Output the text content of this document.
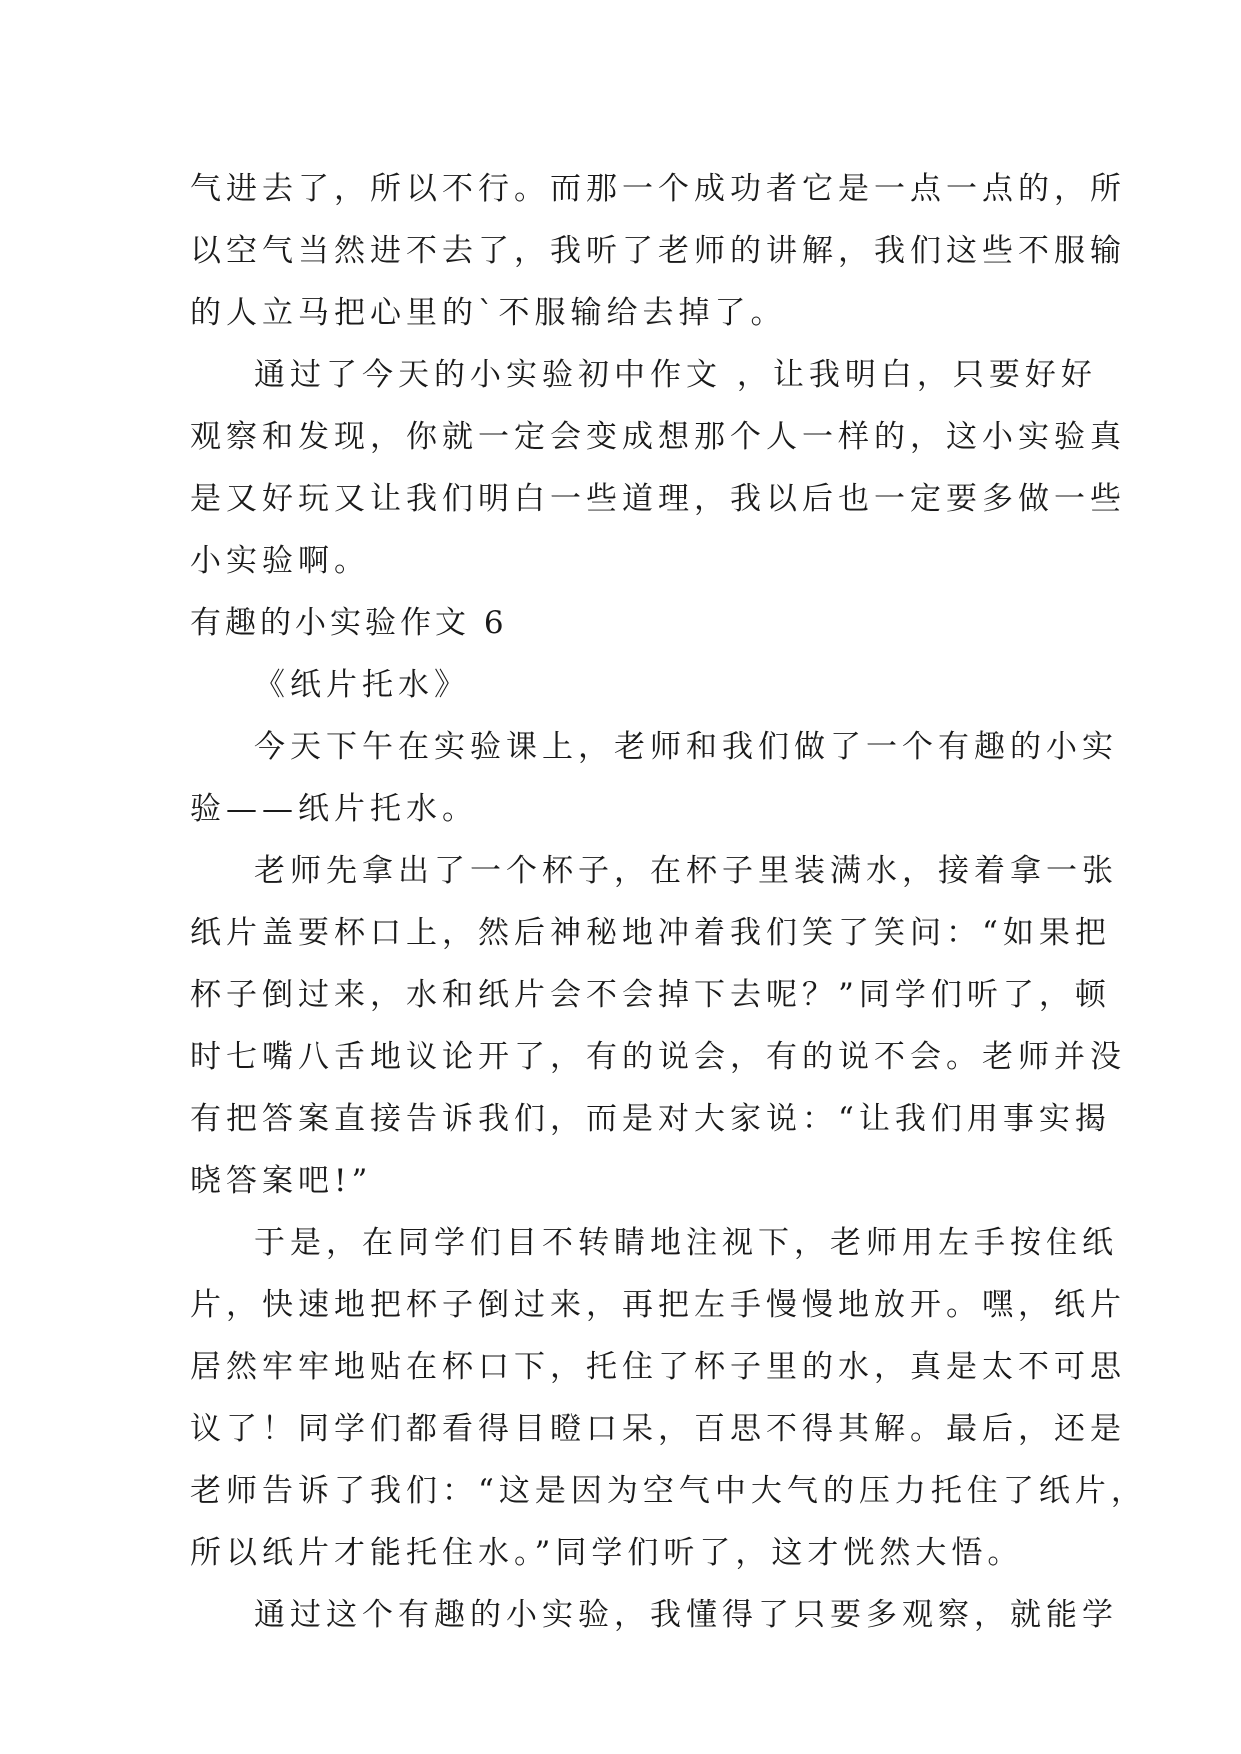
气进去了，所以不行。而那一个成功者它是一点一点的，所
以空气当然进不去了，我听了老师的讲解，我们这些不服输
的人立马把心里的`不服输给去掉了。
通过了今天的小实验初中作文 ，让我明白，只要好好
观察和发现，你就一定会变成想那个人一样的，这小实验真
是又好玩又让我们明白一些道理，我以后也一定要多做一些
小实验啊。
有趣的小实验作文 6
《纸片托水》
今天下午在实验课上，老师和我们做了一个有趣的小实
验——纸片托水。
老师先拿出了一个杯子，在杯子里装满水，接着拿一张
纸片盖要杯口上，然后神秘地冲着我们笑了笑问：“如果把
杯子倒过来，水和纸片会不会掉下去呢？”同学们听了，顿
时七嘴八舌地议论开了，有的说会，有的说不会。老师并没
有把答案直接告诉我们，而是对大家说：“让我们用事实揭
晓答案吧!”
于是，在同学们目不转睛地注视下，老师用左手按住纸
片，快速地把杯子倒过来，再把左手慢慢地放开。嘿，纸片
居然牢牢地贴在杯口下，托住了杯子里的水，真是太不可思
议了！同学们都看得目瞪口呆，百思不得其解。最后，还是
老师告诉了我们：“这是因为空气中大气的压力托住了纸片，
所以纸片才能托住水。”同学们听了，这才恍然大悟。
通过这个有趣的小实验，我懂得了只要多观察，就能学
